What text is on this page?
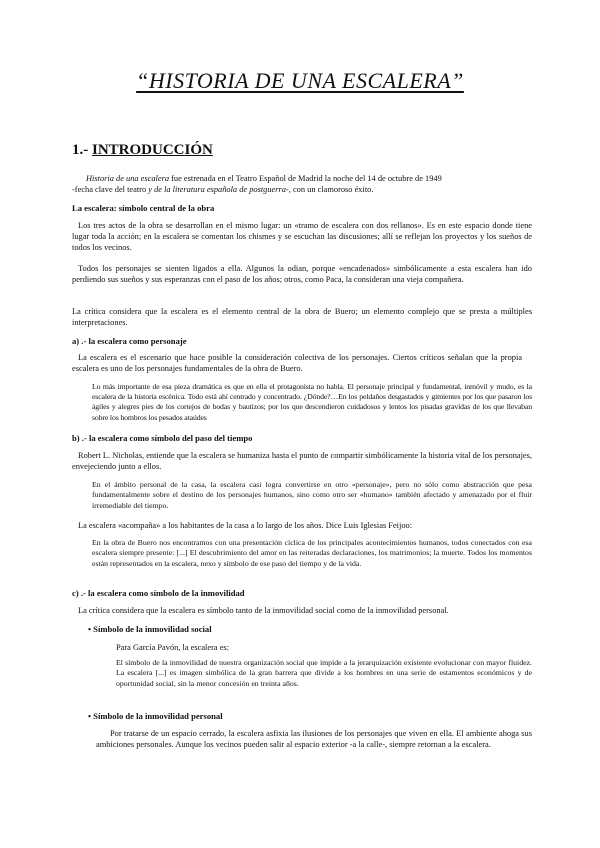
“HISTORIA DE UNA ESCALERA”
1.- INTRODUCCIÓN
Historia de una escalera fue estrenada en el Teatro Español de Madrid la noche del 14 de octubre de 1949
-fecha clave del teatro y de la literatura española de postguerra-, con un clamoroso éxito.
La escalera: símbolo central de la obra
Los tres actos de la obra se desarrollan en el mismo lugar: un «tramo de escalera con dos rellanos». Es en este espacio donde tiene lugar toda la acción; en la escalera se comentan los chismes y se escuchan las discusiones; allí se reflejan los proyectos y los sueños de todos los vecinos.
Todos los personajes se sienten ligados a ella. Algunos la odian, porque «encadenados» simbólicamente a esta escalera han ido perdiendo sus sueños y sus esperanzas con el paso de los años; otros, como Paca, la consideran una vieja compañera.
La crítica considera que la escalera es el elemento central de la obra de Buero; un elemento complejo que se presta a múltiples interpretaciones.
a) .- la escalera como personaje
La escalera es el escenario que hace posible la consideración colectiva de los personajes. Ciertos críticos señalan que la propia escalera es uno de los personajes fundamentales de la obra de Buero.
Lo más importante de esa pieza dramática es que en ella el protagonista no habla. El personaje principal y fundamental, inmóvil y mudo, es la escalera de la historia escénica. Todo está ahí centrado y concentrado. ¿Dónde?…En los peldaños desgastados y gimientes por los que pasaron los ágiles y alegres pies de los cortejos de bodas y bautizos; por los que descendieron cuidadosos y lentos los pisadas gravídas de los que llevaban sobre los hombros los pesados ataúdes
b) .- la escalera como símbolo del paso del tiempo
Robert L. Nicholas, entiende que la escalera se humaniza hasta el punto de compartir simbólicamente la historia vital de los personajes, envejeciendo junto a ellos.
En el ámbito personal de la casa, la escalera casi logra convertirse en otro «personaje», pero no sólo como abstracción que pesa fundamentalmente sobre el destino de los personajes humanos, sino como otro ser «humano» también afectado y amenazado por el fluir irremediable del tiempo.
La escalera «acompaña» a los habitantes de la casa a lo largo de los años. Dice Luis Iglesias Feijoo:
En la obra de Buero nos encontramos con una presentación cíclica de los principales acontecimientos humanos, todos conectados con esa escalera siempre presente: [...] El descubrimiento del amor en las reiteradas declaraciones, los matrimonios; la muerte. Todos los momentos están representados en la escalera, nexo y símbolo de ese paso del tiempo y de la vida.
c) .- la escalera como símbolo de la inmovilidad
La crítica considera que la escalera es símbolo tanto de la inmovilidad social como de la inmovilidad personal.
• Símbolo de la inmovilidad social
Para García Pavón, la escalera es:
El símbolo de la inmovilidad de nuestra organización social que impide a la jerarquización existente evolucionar con mayor fluidez. La escalera [...] es imagen simbólica de la gran barrera que divide a los hombres en una serie de estamentos económicos y de oportunidad social, sin la menor concesión en treinta años.
• Símbolo de la inmovilidad personal
Por tratarse de un espacio cerrado, la escalera asfixia las ilusiones de los personajes que viven en ella. El ambiente ahoga sus ambiciones personales. Aunque los vecinos pueden salir al espacio exterior -a la calle-, siempre retornan a la escalera.
